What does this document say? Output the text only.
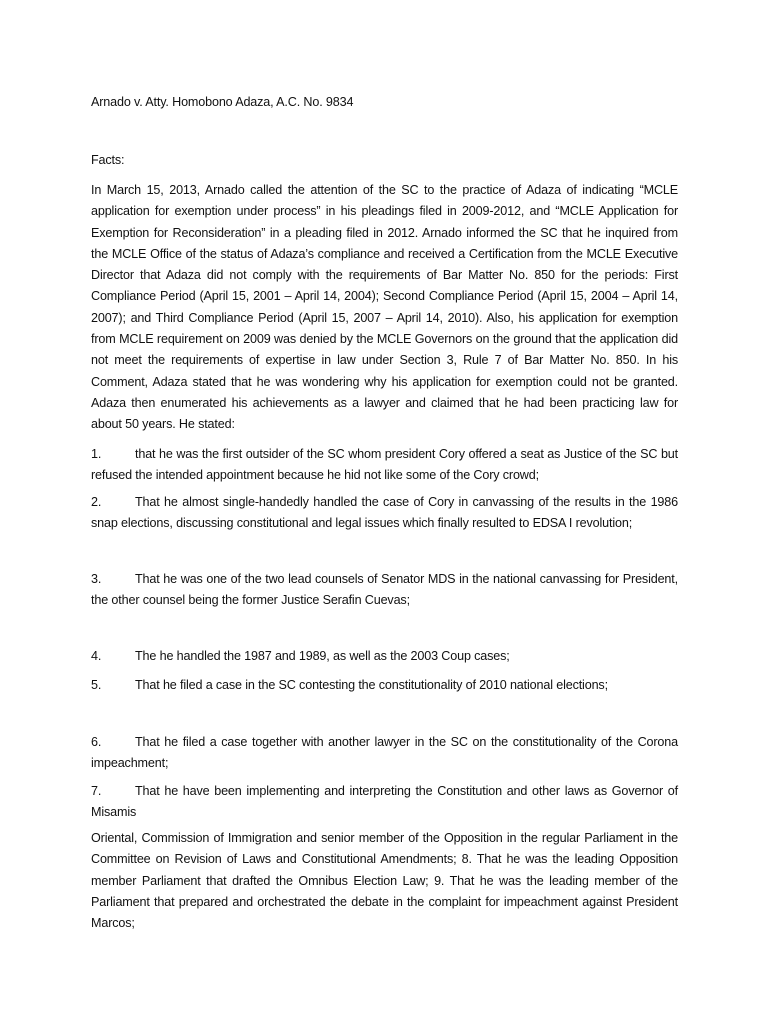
Arnado v. Atty. Homobono Adaza, A.C. No. 9834

Facts:

In March 15, 2013, Arnado called the attention of the SC to the practice of Adaza of indicating “MCLE application for exemption under process” in his pleadings filed in 2009-2012, and “MCLE Application for Exemption for Reconsideration” in a pleading filed in 2012. Arnado informed the SC that he inquired from the MCLE Office of the status of Adaza’s compliance and received a Certification from the MCLE Executive Director that Adaza did not comply with the requirements of Bar Matter No. 850 for the periods: First Compliance Period (April 15, 2001 – April 14, 2004); Second Compliance Period (April 15, 2004 – April 14, 2007); and Third Compliance Period (April 15, 2007 – April 14, 2010). Also, his application for exemption from MCLE requirement on 2009 was denied by the MCLE Governors on the ground that the application did not meet the requirements of expertise in law under Section 3, Rule 7 of Bar Matter No. 850. In his Comment, Adaza stated that he was wondering why his application for exemption could not be granted. Adaza then enumerated his achievements as a lawyer and claimed that he had been practicing law for about 50 years. He stated:

1.	that he was the first outsider of the SC whom president Cory offered a seat as Justice of the SC but refused the intended appointment because he hid not like some of the Cory crowd;

2.	That he almost single-handedly handled the case of Cory in canvassing of the results in the 1986 snap elections, discussing constitutional and legal issues which finally resulted to EDSA I revolution;

3.	That he was one of the two lead counsels of Senator MDS in the national canvassing for President, the other counsel being the former Justice Serafin Cuevas;

4.	The he handled the 1987 and 1989, as well as the 2003 Coup cases;

5.	That he filed a case in the SC contesting the constitutionality of 2010 national elections;

6.	That he filed a case together with another lawyer in the SC on the constitutionality of the Corona impeachment;

7.	That he have been implementing and interpreting the Constitution and other laws as Governor of Misamis

Oriental, Commission of Immigration and senior member of the Opposition in the regular Parliament in the Committee on Revision of Laws and Constitutional Amendments; 8. That he was the leading Opposition member Parliament that drafted the Omnibus Election Law; 9. That he was the leading member of the Parliament that prepared and orchestrated the debate in the complaint for impeachment against President Marcos;
